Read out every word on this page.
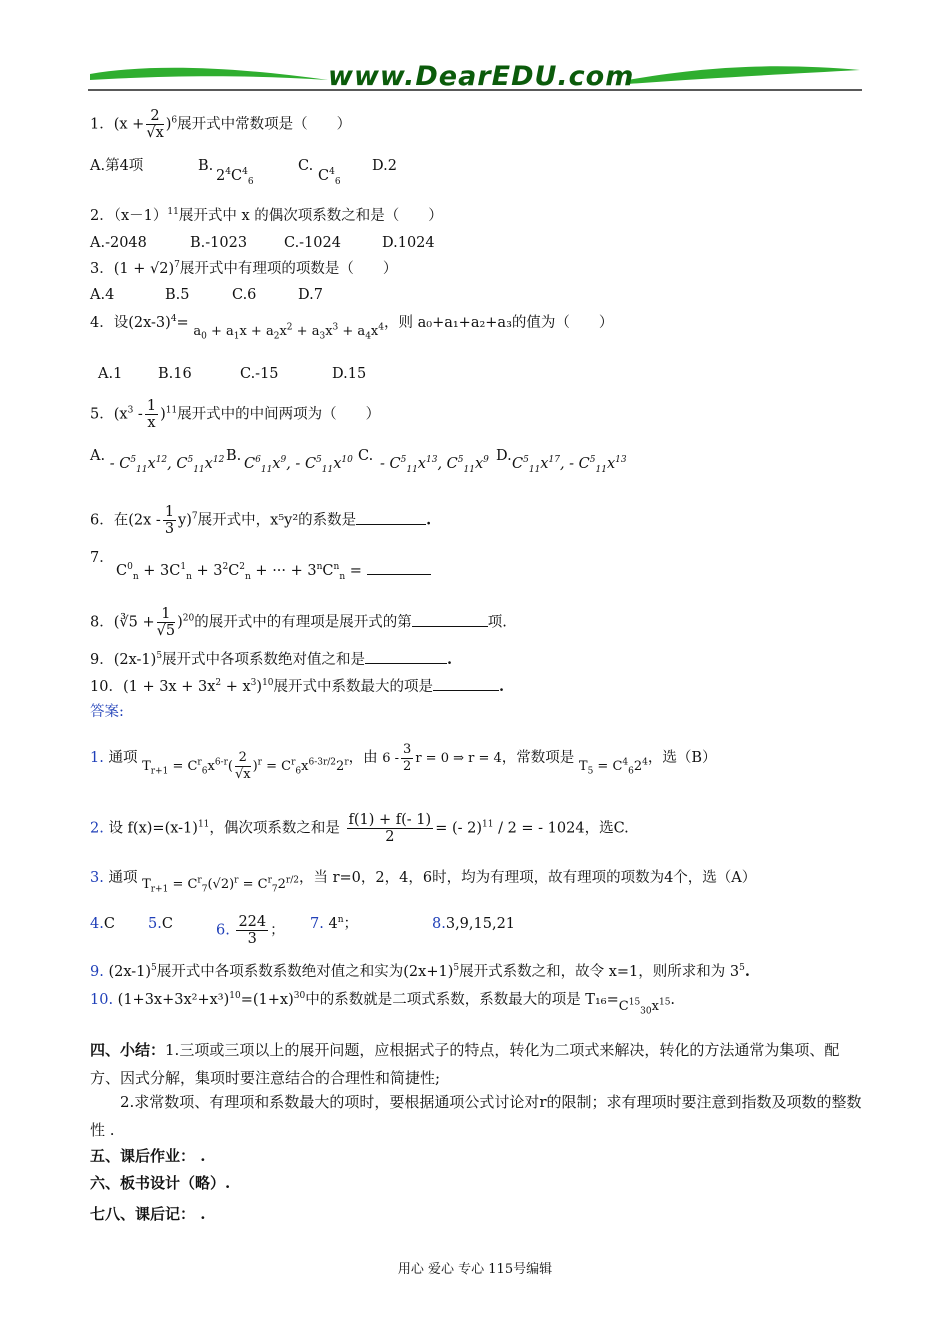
www.DearEDU.com
1．$(x + \frac{2}{√x} )^6$展开式中常数项是（　　）
A.第4项	B.
$2^4C^4_6$
C.
$C^4_6$
D.2
2．$(x-1)^{11}$展开式中 x 的偶次项系数之和是（　　）
A.-2048	B.-1023	C.-1024	D.1024
3．$(1 + √2)^7$展开式中有理项的项数是（　　）
A.4	B.5	C.6	D.7
4．设$(2x-3)^4= a_0 + a_1x + a_2x^2 + a_3x^3 + a_4x^4$，则 a₀+a₁+a₂+a₃的值为（　　）
A.1 B.16	C.-15	D.15
5．$(x^3 - \frac{1}{x} )^{11}$展开式中的中间两项为（　　）
A. - $C^5_{11}x^{12}$, $C^5_{11}x^{12}$ B. $C^6_{11}x^9$, - $C^5_{11}x^{10}$ C. - $C^5_{11}x^{13}$, $C^5_{11}x^9$ D. $C^5_{11}x^{17}$, - $C^5_{11}x^{13}$
6．在$(2x - \frac{1}{3} y)^7$展开式中，x⁵y²的系数是	.
7．
$C^0_n + 3C^1_n + 3^2C^2_n$ + ··· + $3^nC^n_n$ =
8．(∛5 + $\frac{1}{√5} )^{20}$的展开式中的有理项是展开式的第	项.
9．$(2x-1)^5$展开式中各项系数绝对值之和是	.
10．$(1 + 3x + 3x^2 + x^3)^{10}$展开式中系数最大的项是	.
答案:
1. 通项 $T_{r+1} = C^r_6x^{6-r}( \frac{2}{√x} )^r = C^r_6x^{6-3r/2}2^r$，由 $6 - \frac{3}{2}$ r = 0 ⇒ r = 4，常数项是 $T_5 = C^4_62^4$，选（B）
2. 设 $f(x)=(x-1)^{11}$，偶次项系数之和是 $\frac{f(1) + f(- 1)}{2}$ = (- 2)$^{11}$ / 2 = - 1024，选C.
3. 通项 $T_{r+1} = C^r_7(√2)^r = C^r_72^{r/2}$，当 r=0，2，4，6时，均为有理项，故有理项的项数为4个，选（A）
4.C 5.C	6. $\frac{224}{3}$ ； 7. 4$^n$；	8.3,9,15,21
9. $(2x-1)^5$展开式中各项系数系数绝对值之和实为$(2x+1)^5$展开式系数之和，故令 x=1，则所求和为 $3^5$.
10. $(1+3x+3x^2+x^3)^{10}=(1+x)^{30}$中的系数就是二项式系数，系数最大的项是 $T_{16}=C^{15}_{30}x^{15}$.
四、小结：1.三项或三项以上的展开问题，应根据式子的特点，转化为二项式来解决，转化的方法通常为集项、配方、因式分解，集项时要注意结合的合理性和简捷性;
2.求常数项、有理项和系数最大的项时，要根据通项公式讨论对r的限制；求有理项时要注意到指数及项数的整数性 .
五、课后作业： .
六、板书设计（略）.
七八、课后记： .
用心 爱心 专心 115号编辑
